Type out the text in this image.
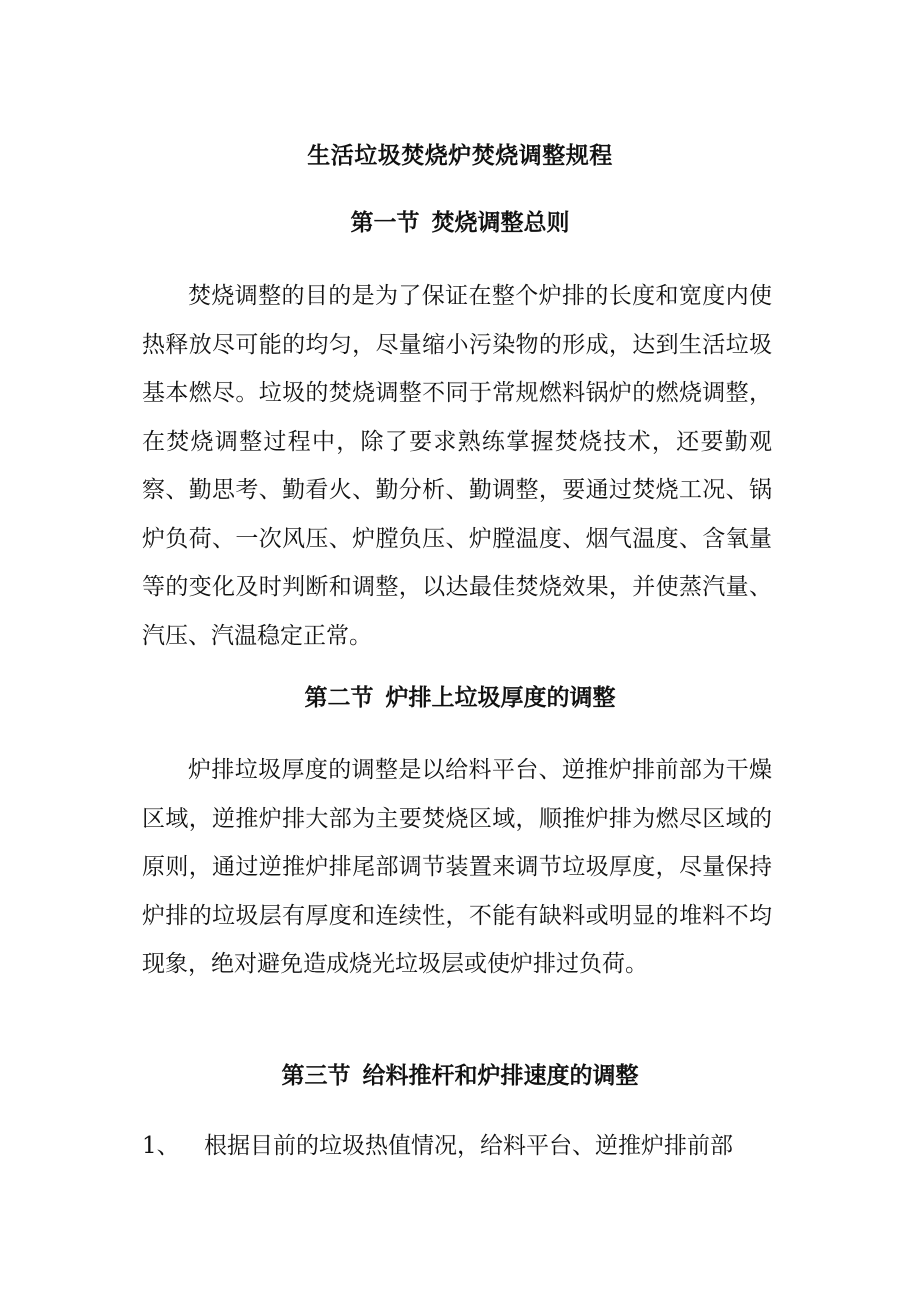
生活垃圾焚烧炉焚烧调整规程
第一节 焚烧调整总则

焚烧调整的目的是为了保证在整个炉排的长度和宽度内使热释放尽可能的均匀，尽量缩小污染物的形成，达到生活垃圾基本燃尽。垃圾的焚烧调整不同于常规燃料锅炉的燃烧调整，在焚烧调整过程中，除了要求熟练掌握焚烧技术，还要勤观察、勤思考、勤看火、勤分析、勤调整，要通过焚烧工况、锅炉负荷、一次风压、炉膛负压、炉膛温度、烟气温度、含氧量等的变化及时判断和调整，以达最佳焚烧效果，并使蒸汽量、汽压、汽温稳定正常。

第二节 炉排上垃圾厚度的调整

炉排垃圾厚度的调整是以给料平台、逆推炉排前部为干燥区域，逆推炉排大部为主要焚烧区域，顺推炉排为燃尽区域的原则，通过逆推炉排尾部调节装置来调节垃圾厚度，尽量保持炉排的垃圾层有厚度和连续性，不能有缺料或明显的堆料不均现象，绝对避免造成烧光垃圾层或使炉排过负荷。

第三节 给料推杆和炉排速度的调整
1、 根据目前的垃圾热值情况，给料平台、逆推炉排前部
